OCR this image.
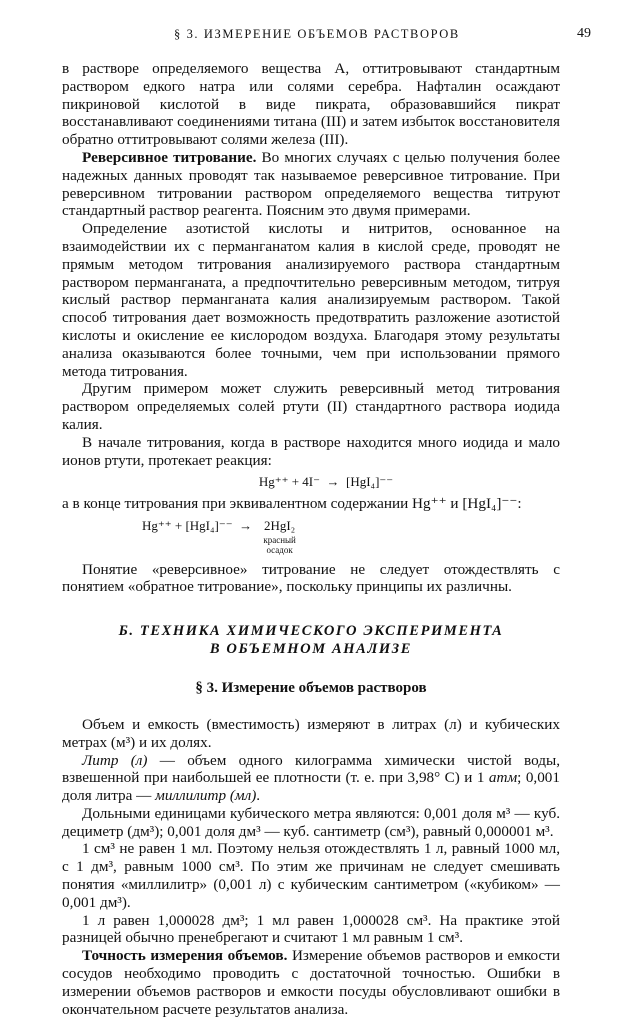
§ 3. ИЗМЕРЕНИЕ ОБЪЕМОВ РАСТВОРОВ	49

в растворе определяемого вещества А, оттитровывают стандартным раствором едкого натра или солями серебра. Нафталин осаждают пикриновой кислотой в виде пикрата, образовавшийся пикрат восстанавливают соединениями титана (III) и затем избыток восстановителя обратно оттитровывают солями железа (III).

Реверсивное титрование. Во многих случаях с целью получения более надежных данных проводят так называемое реверсивное титрование. При реверсивном титровании раствором определяемого вещества титруют стандартный раствор реагента. Поясним это двумя примерами.

Определение азотистой кислоты и нитритов, основанное на взаимодействии их с перманганатом калия в кислой среде, проводят не прямым методом титрования анализируемого раствора стандартным раствором перманганата, а предпочтительно реверсивным методом, титруя кислый раствор перманганата калия анализируемым раствором. Такой способ титрования дает возможность предотвратить разложение азотистой кислоты и окисление ее кислородом воздуха. Благодаря этому результаты анализа оказываются более точными, чем при использовании прямого метода титрования.

Другим примером может служить реверсивный метод титрования раствором определяемых солей ртути (II) стандартного раствора иодида калия.

В начале титрования, когда в растворе находится много иодида и мало ионов ртути, протекает реакция:

Hg⁺⁺ + 4I⁻ → [HgI₄]⁻⁻

а в конце титрования при эквивалентном содержании Hg⁺⁺ и [HgI₄]⁻⁻:

Hg⁺⁺ + [HgI₄]⁻⁻
→
2HgI₂
красный
осадок

Понятие «реверсивное» титрование не следует отождествлять с понятием «обратное титрование», поскольку принципы их различны.

Б. ТЕХНИКА ХИМИЧЕСКОГО ЭКСПЕРИМЕНТА
В ОБЪЕМНОМ АНАЛИЗЕ
§ 3. Измерение объемов растворов

Объем и емкость (вместимость) измеряют в литрах (л) и кубических метрах (м³) и их долях.

Литр (л) — объем одного килограмма химически чистой воды, взвешенной при наибольшей ее плотности (т. е. при 3,98° С) и 1 атм; 0,001 доля литра — миллилитр (мл).

Дольными единицами кубического метра являются: 0,001 доля м³ — куб. дециметр (дм³); 0,001 доля дм³ — куб. сантиметр (см³), равный 0,000001 м³.

1 см³ не равен 1 мл. Поэтому нельзя отождествлять 1 л, равный 1000 мл, с 1 дм³, равным 1000 см³. По этим же причинам не следует смешивать понятия «миллилитр» (0,001 л) с кубическим сантиметром («кубиком» — 0,001 дм³).

1 л равен 1,000028 дм³; 1 мл равен 1,000028 см³. На практике этой разницей обычно пренебрегают и считают 1 мл равным 1 см³.

Точность измерения объемов. Измерение объемов растворов и емкости сосудов необходимо проводить с достаточной точностью. Ошибки в измерении объемов растворов и емкости посуды обусловливают ошибки в окончательном расчете результатов анализа.
